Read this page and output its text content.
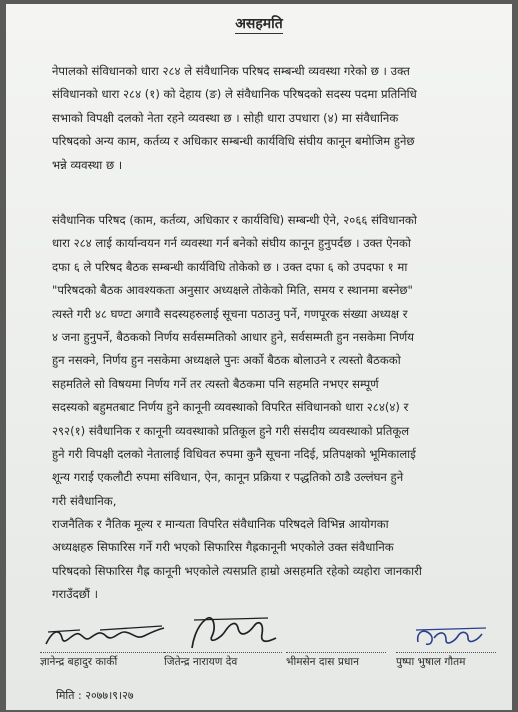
असहमति
नेपालको संविधानको धारा २८४ ले संवैधानिक परिषद सम्बन्धी व्यवस्था गरेको छ । उक्त
संविधानको धारा २८४ (१) को देहाय (ङ) ले संवैधानिक परिषदको सदस्य पदमा प्रतिनिधि
सभाको विपक्षी दलको नेता रहने व्यवस्था छ । सोही धारा उपधारा (४) मा संवैधानिक
परिषदको अन्य काम, कर्तव्य र अधिकार सम्बन्धी कार्यविधि संघीय कानून बमोजिम हुनेछ
भन्ने व्यवस्था छ ।
संवैधानिक परिषद (काम, कर्तव्य, अधिकार र कार्यविधि) सम्बन्धी ऐने, २०६६ संविधानको
धारा २८४ लाई कार्यान्वयन गर्न व्यवस्था गर्न बनेको संघीय कानून हुनुपर्दछ । उक्त ऐनको
दफा ६ ले परिषद बैठक सम्बन्धी कार्यविधि तोकेको छ । उक्त दफा ६ को उपदफा १ मा
"परिषदको बैठक आवश्यकता अनुसार अध्यक्षले तोकेको मिति, समय र स्थानमा बस्नेछ"
त्यस्ते गरी ४८ घण्टा अगावै सदस्यहरुलाई सूचना पठाउनु पर्ने, गणपूरक संख्या अध्यक्ष र
४ जना हुनुपर्ने, बैठकको निर्णय सर्वसम्मतिको आधार हुने, सर्वसम्मती हुन नसकेमा निर्णय
हुन नसक्ने, निर्णय हुन नसकेमा अध्यक्षले पुनः अर्को बैठक बोलाउने र त्यस्तो बैठकको
सहमतिले सो विषयमा निर्णय गर्ने तर त्यस्तो बैठकमा पनि सहमति नभएर सम्पूर्ण
सदस्यको बहुमतबाट निर्णय हुने कानूनी व्यवस्थाको विपरित संविधानको धारा २८४(४) र
२९२(१) संवैधानिक र कानूनी व्यवस्थाको प्रतिकूल हुने गरी संसदीय व्यवस्थाको प्रतिकूल
हुने गरी विपक्षी दलको नेतालाई विधिवत रुपमा कुनै सूचना नदिई, प्रतिपक्षको भूमिकालाई
शून्य गराई एकलौटी रुपमा संविधान, ऐन, कानून प्रक्रिया र पद्धतिको ठाडै उल्लंघन हुने
गरी संवैधानिक,
राजनैतिक र नैतिक मूल्य र मान्यता विपरित संवैधानिक परिषदले विभिन्न आयोगका
अध्यक्षहरु सिफारिस गर्ने गरी भएको सिफारिस गैह्रकानूनी भएकोले उक्त संवैधानिक
परिषदको सिफारिस गैह्र कानूनी भएकोले त्यसप्रति हाम्रो असहमति रहेको व्यहोरा जानकारी
गराउँदछौं ।
ज्ञानेन्द्र बहादुर कार्की	जितेन्द्र नारायण देव	भीमसेन दास प्रधान	पुष्पा भुषाल गौतम
मिति : २०७७।९।२७
